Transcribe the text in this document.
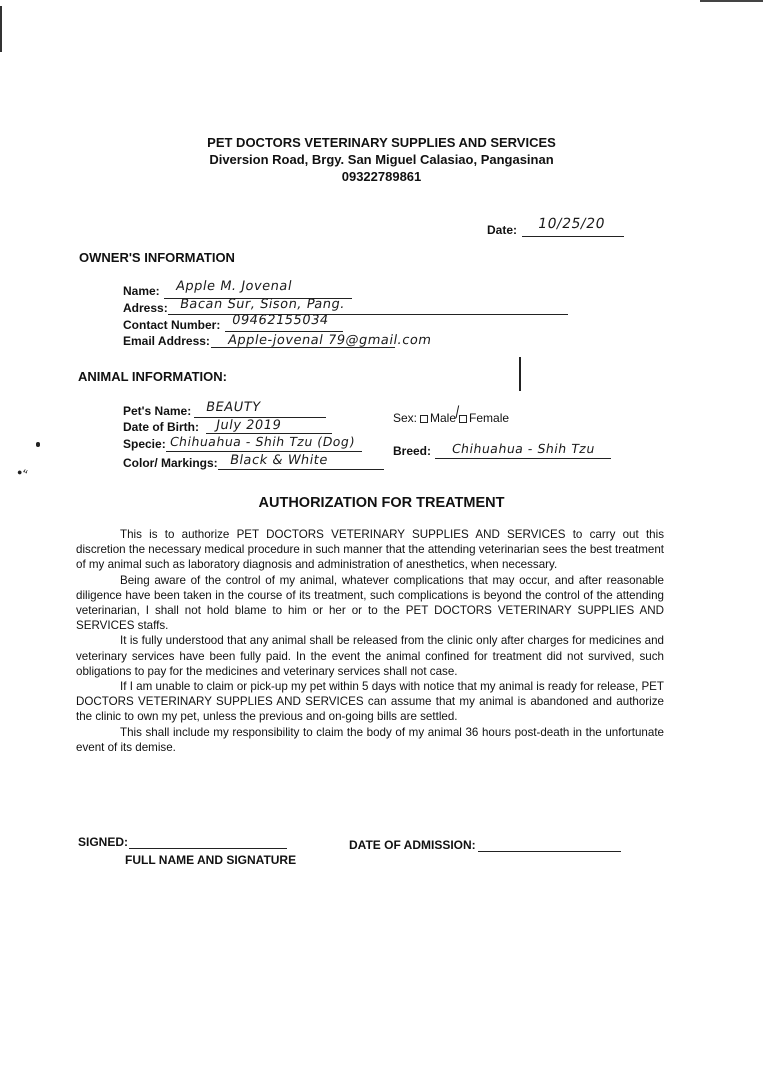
•“
PET DOCTORS VETERINARY SUPPLIES AND SERVICES
Diversion Road, Brgy. San Miguel Calasiao, Pangasinan
09322789861
Date: 10/25/20
OWNER'S INFORMATION
Name: Apple M. Jovenal
Adress: Bacan Sur, Sison, Pang.
Contact Number: 09462155034
Email Address: Apple-jovenal 79@gmail.com
ANIMAL INFORMATION:
Pet's Name: BEAUTY
Date of Birth: July 2019
Specie: Chihuahua - Shih Tzu (Dog)
Color/ Markings: Black & White
Sex: Male
∕ Female
Breed: Chihuahua - Shih Tzu
AUTHORIZATION FOR TREATMENT

This is to authorize PET DOCTORS VETERINARY SUPPLIES AND SERVICES to carry out this discretion the necessary medical procedure in such manner that the attending veterinarian sees the best treatment of my animal such as laboratory diagnosis and administration of anesthetics, when necessary.

Being aware of the control of my animal, whatever complications that may occur, and after reasonable diligence have been taken in the course of its treatment, such complications is beyond the control of the attending veterinarian, I shall not hold blame to him or her or to the PET DOCTORS VETERINARY SUPPLIES AND SERVICES staffs.

It is fully understood that any animal shall be released from the clinic only after charges for medicines and veterinary services have been fully paid. In the event the animal confined for treatment did not survived, such obligations to pay for the medicines and veterinary services shall not case.

If I am unable to claim or pick-up my pet within 5 days with notice that my animal is ready for release, PET DOCTORS VETERINARY SUPPLIES AND SERVICES can assume that my animal is abandoned and authorize the clinic to own my pet, unless the previous and on-going bills are settled.

This shall include my responsibility to claim the body of my animal 36 hours post-death in the unfortunate event of its demise.

SIGNED:
FULL NAME AND SIGNATURE
DATE OF ADMISSION:
